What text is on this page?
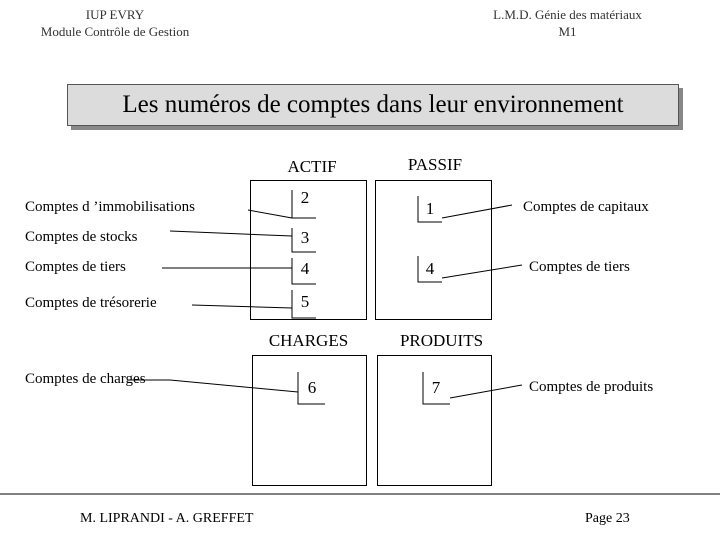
IUP EVRY
Module Contrôle de Gestion
L.M.D. Génie des matériaux
M1
Les numéros de comptes dans leur environnement
ACTIF	PASSIF
CHARGES	PRODUITS
Comptes d ’immobilisations
Comptes de stocks
Comptes de tiers
Comptes de trésorerie
Comptes de charges
Comptes de capitaux
Comptes de tiers
Comptes de produits
2
3
4
5
1
4
6	7
M. LIPRANDI - A. GREFFET	Page 23
